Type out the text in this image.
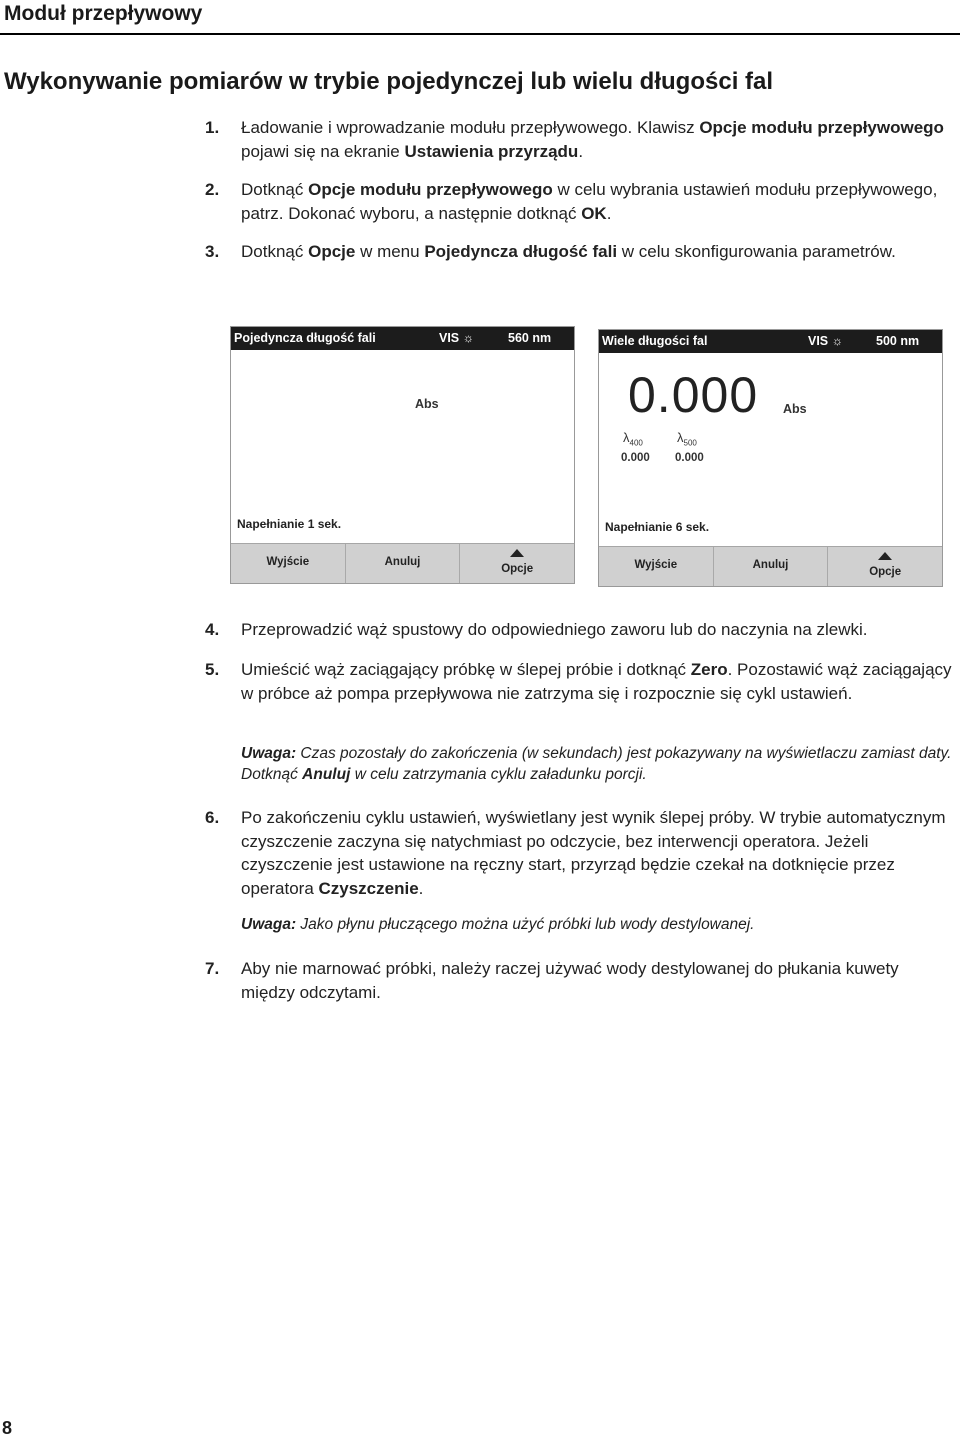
Moduł przepływowy
Wykonywanie pomiarów w trybie pojedynczej lub wielu długości fal
1. Ładowanie i wprowadzanie modułu przepływowego. Klawisz Opcje modułu przepływowego pojawi się na ekranie Ustawienia przyrządu.
2. Dotknąć Opcje modułu przepływowego w celu wybrania ustawień modułu przepływowego, patrz. Dokonać wyboru, a następnie dotknąć OK.
3. Dotknąć Opcje w menu Pojedyncza długość fali w celu skonfigurowania parametrów.
Pojedyncza długość fali	VIS ☼	560 nm
Abs
Napełnianie 1 sek.
Wyjście	Anuluj
Opcje
Wiele długości fal	VIS ☼	500 nm
0.000 Abs
$\lambda_{400}$	$\lambda_{500}$
0.000 0.000
Napełnianie 6 sek.
Wyjście	Anuluj
Opcje
4. Przeprowadzić wąż spustowy do odpowiedniego zaworu lub do naczynia na zlewki.
5. Umieścić wąż zaciągający próbkę w ślepej próbie i dotknąć Zero. Pozostawić wąż zaciągający w próbce aż pompa przepływowa nie zatrzyma się i rozpocznie się cykl ustawień.
Uwaga: Czas pozostały do zakończenia (w sekundach) jest pokazywany na wyświetlaczu zamiast daty. Dotknąć Anuluj w celu zatrzymania cyklu załadunku porcji.
6. Po zakończeniu cyklu ustawień, wyświetlany jest wynik ślepej próby. W trybie automatycznym czyszczenie zaczyna się natychmiast po odczycie, bez interwencji operatora. Jeżeli czyszczenie jest ustawione na ręczny start, przyrząd będzie czekał na dotknięcie przez operatora Czyszczenie.
Uwaga: Jako płynu płuczącego można użyć próbki lub wody destylowanej.
7. Aby nie marnować próbki, należy raczej używać wody destylowanej do płukania kuwety między odczytami.
8
